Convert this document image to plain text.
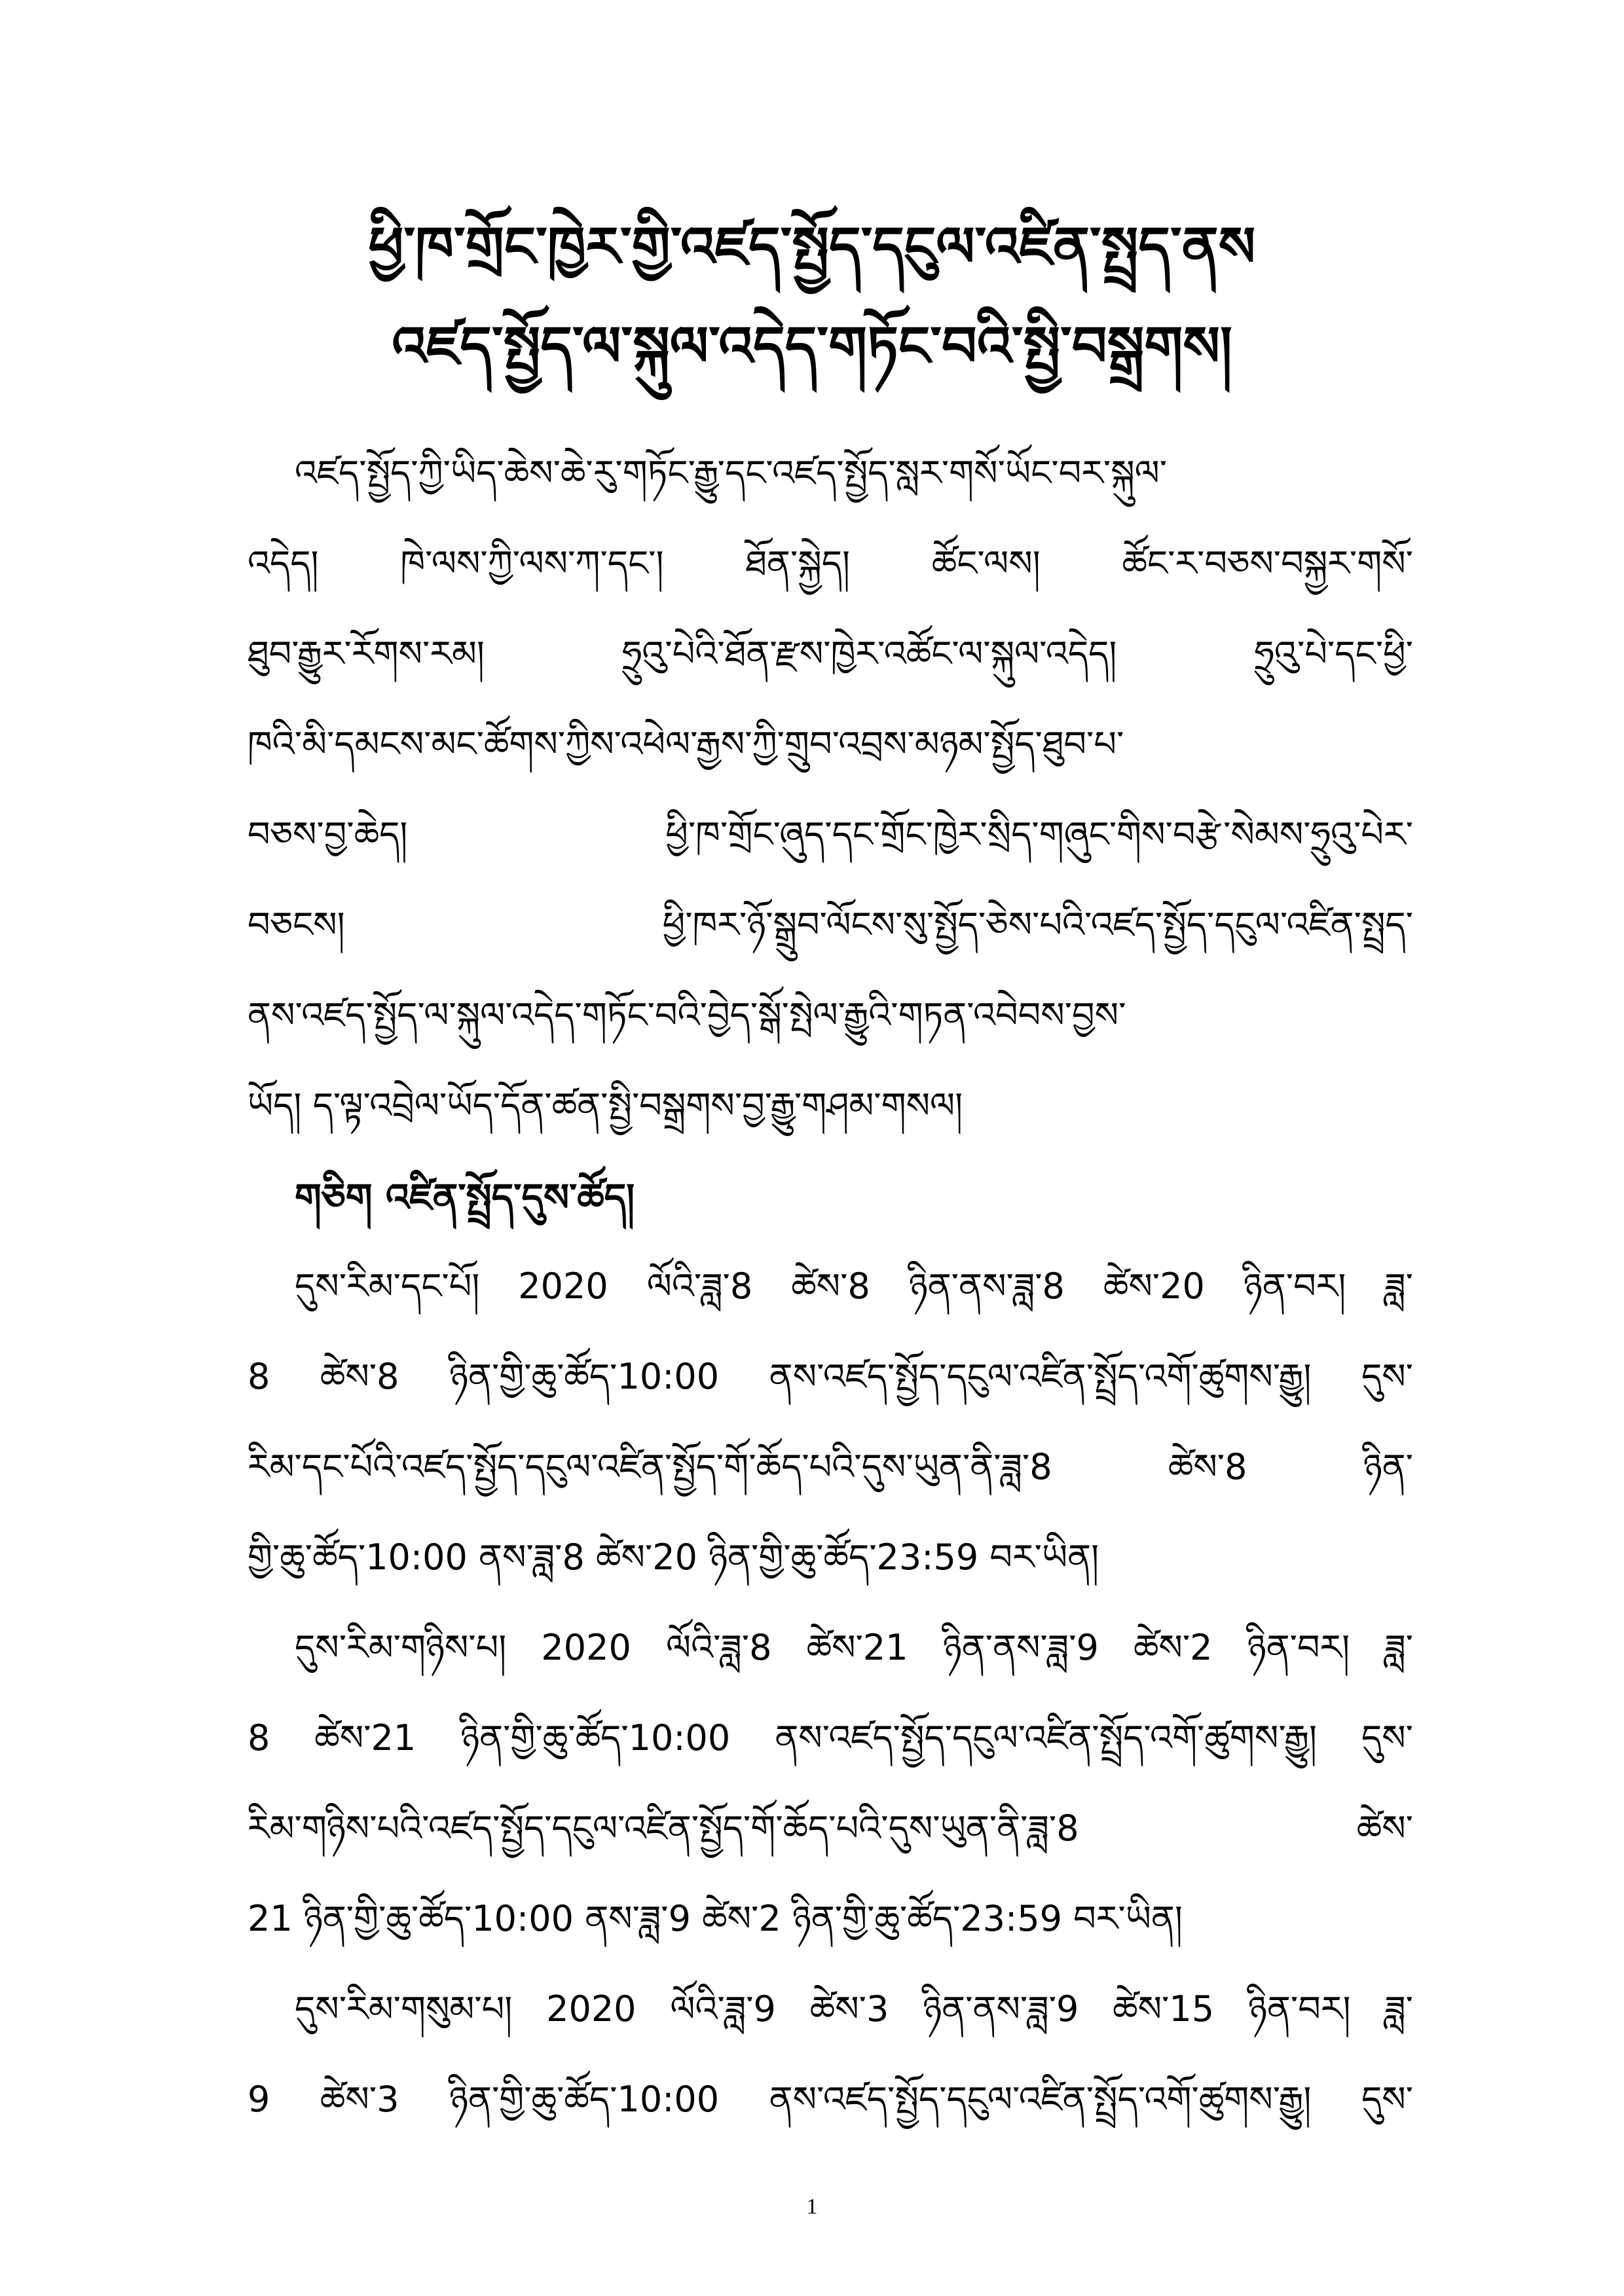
ཕྱི་ཁ་གྲོང་ཁྱེར་གྱི་འཛད་སྤྱོད་དངུལ་འཛིན་སྤྲད་ནས
འཛད་སྤྱོད་ལ་སྐུལ་འདེད་གཏོང་བའི་སྤྱི་བསྒྲགས།
འཛད་སྤྱོད་ཀྱི་ཡིད་ཆེས་ཆེ་རུ་གཏོང་རྒྱུ་དང་འཛད་སྤྱོད་སླར་གསོ་ཡོང་བར་སྐུལ་
འདེད། ཁེ་ལས་ཀྱི་ལས་ཀ་དང་། ཐོན་སྐྱེད། ཚོང་ལས། ཚོང་ར་བཅས་བསྐྱར་གསོ་
ཐུབ་རྒྱུར་རོགས་རམ། ཧྲུའུ་པེའི་ཐོན་རྫས་ཁྱེར་འཚོང་ལ་སྐུལ་འདེད། ཧྲུའུ་པེ་དང་ཕྱི་
ཁའི་མི་དམངས་མང་ཚོགས་ཀྱིས་འཕེལ་རྒྱས་ཀྱི་གྲུབ་འབྲས་མཉམ་སྤྱོད་ཐུབ་པ་
བཅས་བྱ་ཆེད། ཕྱི་ཁ་གྲོང་ཞུད་དང་གྲོང་ཁྱེར་སྲིད་གཞུང་གིས་བརྩེ་སེམས་ཧྲུའུ་པེར་
བཅངས། ཕྱི་ཁར་ཉོ་སྒྲུབ་ལོངས་སུ་སྤྱོད་ཅེས་པའི་འཛད་སྤྱོད་དངུལ་འཛིན་སྤྲད་
ནས་འཛད་སྤྱོད་ལ་སྐུལ་འདེད་གཏོང་བའི་བྱེད་སྒོ་སྤེལ་རྒྱུའི་གཏན་འབེབས་བྱས་
ཡོད། ད་ལྟ་འབྲེལ་ཡོད་དོན་ཚན་སྤྱི་བསྒྲགས་བྱ་རྒྱུ་གཤམ་གསལ།
གཅིག འཛིན་སྤྲོད་དུས་ཚོད།
དུས་རིམ་དང་པོ། 2020 ལོའི་ཟླ་8 ཚེས་8 ཉིན་ནས་ཟླ་8 ཚེས་20 ཉིན་བར། ཟླ་
8 ཚེས་8 ཉིན་གྱི་ཆུ་ཚོད་10:00 ནས་འཛད་སྤྱོད་དངུལ་འཛིན་སྤྲོད་འགོ་ཚུགས་རྒྱུ། དུས་
རིམ་དང་པོའི་འཛད་སྤྱོད་དངུལ་འཛིན་སྤྱོད་གོ་ཆོད་པའི་དུས་ཡུན་ནི་ཟླ་8 ཚེས་8 ཉིན་
གྱི་ཆུ་ཚོད་10:00 ནས་ཟླ་8 ཚེས་20 ཉིན་གྱི་ཆུ་ཚོད་23:59 བར་ཡིན།
དུས་རིམ་གཉིས་པ། 2020 ལོའི་ཟླ་8 ཚེས་21 ཉིན་ནས་ཟླ་9 ཚེས་2 ཉིན་བར། ཟླ་
8 ཚེས་21 ཉིན་གྱི་ཆུ་ཚོད་10:00 ནས་འཛད་སྤྱོད་དངུལ་འཛིན་སྤྲོད་འགོ་ཚུགས་རྒྱུ། དུས་
རིམ་གཉིས་པའི་འཛད་སྤྱོད་དངུལ་འཛིན་སྤྱོད་གོ་ཆོད་པའི་དུས་ཡུན་ནི་ཟླ་8 ཚེས་
21 ཉིན་གྱི་ཆུ་ཚོད་10:00 ནས་ཟླ་9 ཚེས་2 ཉིན་གྱི་ཆུ་ཚོད་23:59 བར་ཡིན།
དུས་རིམ་གསུམ་པ། 2020 ལོའི་ཟླ་9 ཚེས་3 ཉིན་ནས་ཟླ་9 ཚེས་15 ཉིན་བར། ཟླ་
9 ཚེས་3 ཉིན་གྱི་ཆུ་ཚོད་10:00 ནས་འཛད་སྤྱོད་དངུལ་འཛིན་སྤྲོད་འགོ་ཚུགས་རྒྱུ། དུས་
1
